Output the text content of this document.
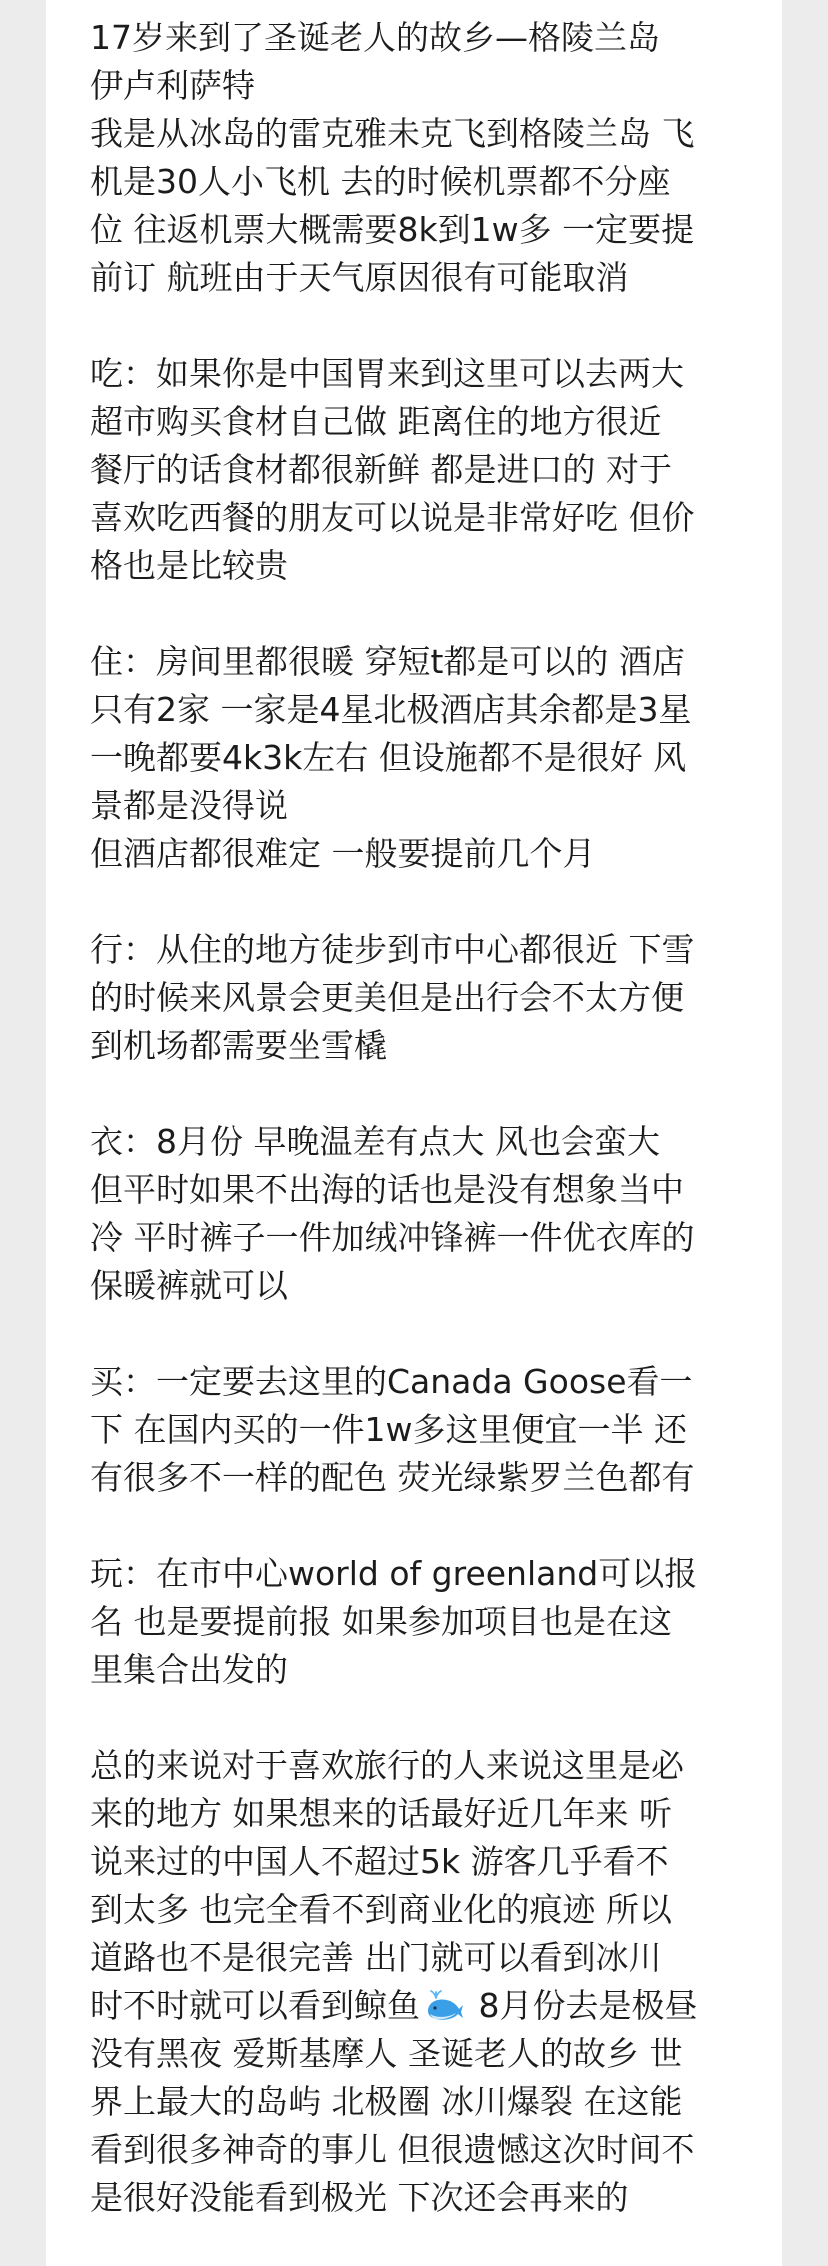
17岁来到了圣诞老人的故乡—格陵兰岛
伊卢利萨特
我是从冰岛的雷克雅未克飞到格陵兰岛 飞
机是30人小飞机 去的时候机票都不分座
位 往返机票大概需要8k到1w多 一定要提
前订 航班由于天气原因很有可能取消
吃：如果你是中国胃来到这里可以去两大
超市购买食材自己做 距离住的地方很近
餐厅的话食材都很新鲜 都是进口的 对于
喜欢吃西餐的朋友可以说是非常好吃 但价
格也是比较贵
住：房间里都很暖 穿短t都是可以的 酒店
只有2家 一家是4星北极酒店其余都是3星
一晚都要4k3k左右 但设施都不是很好 风
景都是没得说
但酒店都很难定 一般要提前几个月
行：从住的地方徒步到市中心都很近 下雪
的时候来风景会更美但是出行会不太方便
到机场都需要坐雪橇
衣：8月份 早晚温差有点大 风也会蛮大
但平时如果不出海的话也是没有想象当中
冷 平时裤子一件加绒冲锋裤一件优衣库的
保暖裤就可以
买：一定要去这里的Canada Goose看一
下 在国内买的一件1w多这里便宜一半 还
有很多不一样的配色 荧光绿紫罗兰色都有
玩：在市中心world of greenland可以报
名 也是要提前报 如果参加项目也是在这
里集合出发的
总的来说对于喜欢旅行的人来说这里是必
来的地方 如果想来的话最好近几年来 听
说来过的中国人不超过5k 游客几乎看不
到太多 也完全看不到商业化的痕迹 所以
道路也不是很完善 出门就可以看到冰川
时不时就可以看到鲸鱼 8月份去是极昼
没有黑夜 爱斯基摩人 圣诞老人的故乡 世
界上最大的岛屿 北极圈 冰川爆裂 在这能
看到很多神奇的事儿 但很遗憾这次时间不
是很好没能看到极光 下次还会再来的
